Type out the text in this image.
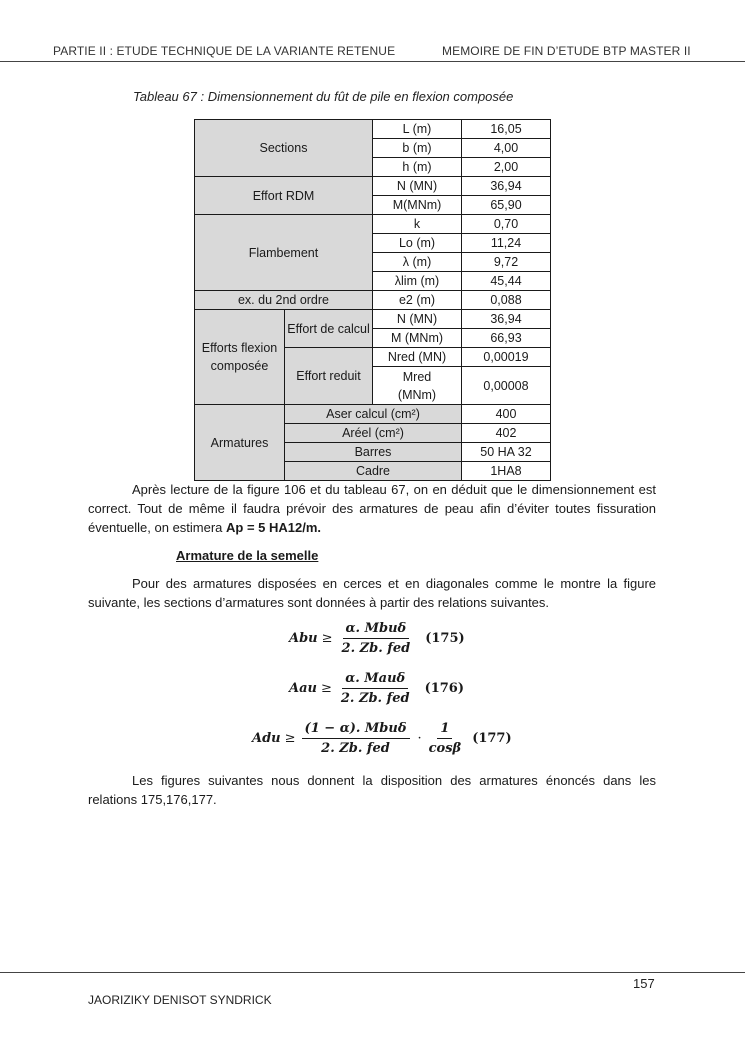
PARTIE II : ETUDE TECHNIQUE DE LA VARIANTE RETENUE	MEMOIRE DE FIN D’ETUDE BTP MASTER II
Tableau 67 : Dimensionnement du fût de pile en flexion composée
Sections		L (m)	16,05
		b (m)	4,00
		h (m)	2,00
Effort RDM		N (MN)	36,94
		M(MNm)	65,90
Flambement		k	0,70
		Lo (m)	11,24
		λ (m)	9,72
		λlim (m)	45,44
ex. du 2nd ordre		e2 (m)	0,088
Efforts flexion composée	Effort de calcul	N (MN)	36,94
		M (MNm)	66,93
	Effort reduit	Nred (MN)	0,00019
		Mred (MNm)	0,00008

Armatures	Aser calcul (cm²)		400
	Aréel (cm²)		402
	Barres		50 HA 32
	Cadre		1HA8
Après lecture de la figure 106 et du tableau 67, on en déduit que le dimensionnement est correct. Tout de même il faudra prévoir des armatures de peau afin d’éviter toutes fissuration éventuelle, on estimera Ap = 5 HA12/m.
Armature de la semelle
Pour des armatures disposées en cerces et en diagonales comme le montre la figure suivante, les sections d’armatures sont données à partir des relations suivantes.
Abu ≥ $\frac{\text{α. Mbuδ}}{\text{2. Zb. fed}} (175)$
Aau ≥ $\frac{\text{α. Mauδ}}{\text{2. Zb. fed}} (176)$
Adu ≥ $\frac{\text{(1 − α). Mbuδ}}{\text{2. Zb. fed}} \cdot \frac{1}{\cos\beta} (177)$
Les figures suivantes nous donnent la disposition des armatures énoncés dans les relations 175,176,177.
157
JAORIZIKY DENISOT SYNDRICK
